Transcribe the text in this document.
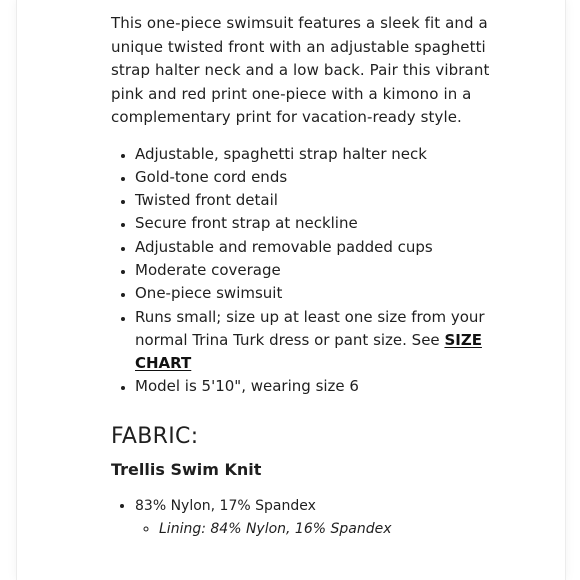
This one-piece swimsuit features a sleek fit and a unique twisted front with an adjustable spaghetti strap halter neck and a low back. Pair this vibrant pink and red print one-piece with a kimono in a complementary print for vacation-ready style.

• Adjustable, spaghetti strap halter neck
• Gold-tone cord ends
• Twisted front detail
• Secure front strap at neckline
• Adjustable and removable padded cups
• Moderate coverage
• One-piece swimsuit
• Runs small; size up at least one size from your normal Trina Turk dress or pant size. See SIZE CHART
• Model is 5'10", wearing size 6
FABRIC:
Trellis Swim Knit
• 83% Nylon, 17% Spandex
◦ Lining: 84% Nylon, 16% Spandex
